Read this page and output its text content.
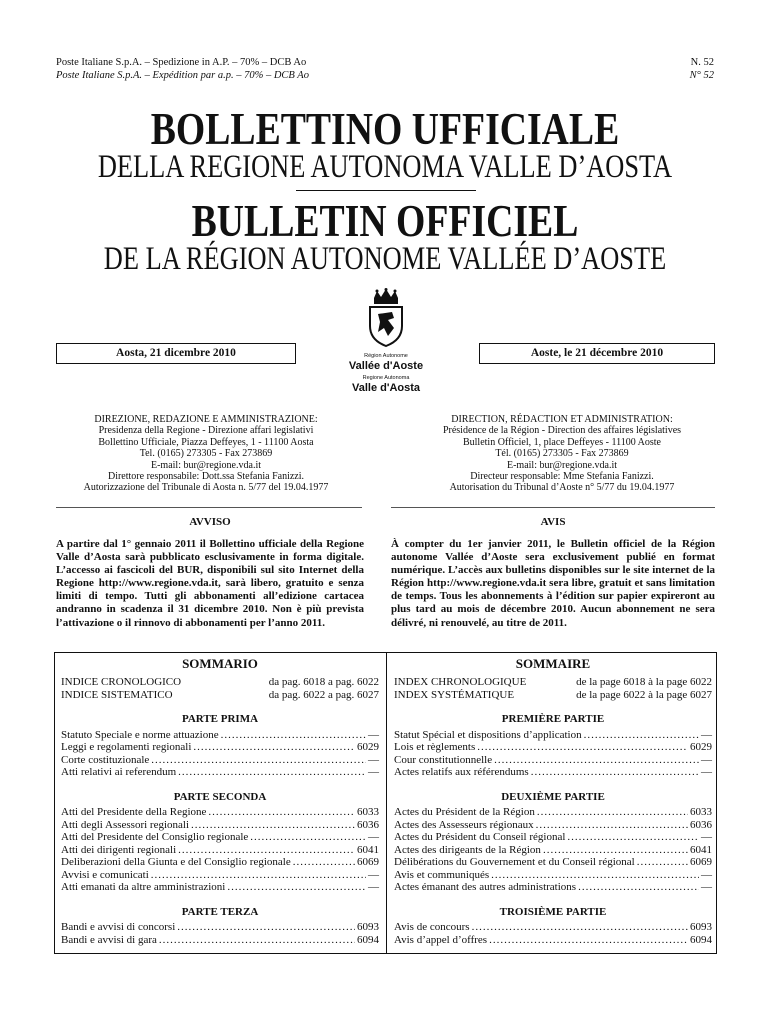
Poste Italiane S.p.A. – Spedizione in A.P. – 70% – DCB Ao
Poste Italiane S.p.A. – Expédition par a.p. – 70% – DCB Ao
N. 52
N° 52
BOLLETTINO UFFICIALE
DELLA REGIONE AUTONOMA VALLE D’AOSTA
BULLETIN OFFICIEL
DE LA RÉGION AUTONOME VALLÉE D’AOSTE
Aosta, 21 dicembre 2010	Aoste, le 21 décembre 2010
Région Autonome
Vallée d'Aoste
Regione Autonoma
Valle d'Aosta
DIREZIONE, REDAZIONE E AMMINISTRAZIONE:
Presidenza della Regione - Direzione affari legislativi
Bollettino Ufficiale, Piazza Deffeyes, 1 - 11100 Aosta
Tel. (0165) 273305 - Fax 273869
E-mail: bur@regione.vda.it
Direttore responsabile: Dott.ssa Stefania Fanizzi.
Autorizzazione del Tribunale di Aosta n. 5/77 del 19.04.1977
DIRECTION, RÉDACTION ET ADMINISTRATION:
Présidence de la Région - Direction des affaires législatives
Bulletin Officiel, 1, place Deffeyes - 11100 Aoste
Tél. (0165) 273305 - Fax 273869
E-mail: bur@regione.vda.it
Directeur responsable: Mme Stefania Fanizzi.
Autorisation du Tribunal d’Aoste n° 5/77 du 19.04.1977
AVVISO

A partire dal 1° gennaio 2011 il Bollettino ufficiale della Regione Valle d’Aosta sarà pubblicato esclusivamente in forma digitale. L’accesso ai fascicoli del BUR, disponibili sul sito Internet della Regione http://www.regione.vda.it, sarà libero, gratuito e senza limiti di tempo. Tutti gli abbonamenti all’edizione cartacea andranno in scadenza il 31 dicembre 2010. Non è più prevista l’attivazione o il rinnovo di abbonamenti per l’anno 2011.

AVIS

À compter du 1er janvier 2011, le Bulletin officiel de la Région autonome Vallée d’Aoste sera exclusivement publié en format numérique. L’accès aux bulletins disponibles sur le site internet de la Région http://www.regione.vda.it sera libre, gratuit et sans limitation de temps. Tous les abonnements à l’édition sur papier expireront au plus tard au mois de décembre 2010. Aucun abonnement ne sera délivré, ni renouvelé, au titre de 2011.

SOMMARIO
INDICE CRONOLOGICO	da pag. 6018 a pag. 6022
INDICE SISTEMATICO	da pag. 6022 a pag. 6027
PARTE PRIMA
Statuto Speciale e norme attuazione .....	—
Leggi e regolamenti regionali .....	6029
Corte costituzionale .....	—
Atti relativi ai referendum .....	—
PARTE SECONDA
Atti del Presidente della Regione .....	6033
Atti degli Assessori regionali .....	6036
Atti del Presidente del Consiglio regionale .....	—
Atti dei dirigenti regionali .....	6041
Deliberazioni della Giunta e del Consiglio regionale .....	6069
Avvisi e comunicati .....	—
Atti emanati da altre amministrazioni .....	—
PARTE TERZA
Bandi e avvisi di concorsi .....	6093
Bandi e avvisi di gara .....	6094
SOMMAIRE
INDEX CHRONOLOGIQUE	de la page 6018 à la page 6022
INDEX SYSTÉMATIQUE	de la page 6022 à la page 6027
PREMIÈRE PARTIE
Statut Spécial et dispositions d’application .....	—
Lois et règlements .....	6029
Cour constitutionnelle .....	—
Actes relatifs aux référendums .....	—
DEUXIÈME PARTIE
Actes du Président de la Région .....	6033
Actes des Assesseurs régionaux .....	6036
Actes du Président du Conseil régional .....	—
Actes des dirigeants de la Région .....	6041
Délibérations du Gouvernement et du Conseil régional .....	6069
Avis et communiqués .....	—
Actes émanant des autres administrations .....	—
TROISIÈME PARTIE
Avis de concours .....	6093
Avis d’appel d’offres .....	6094
